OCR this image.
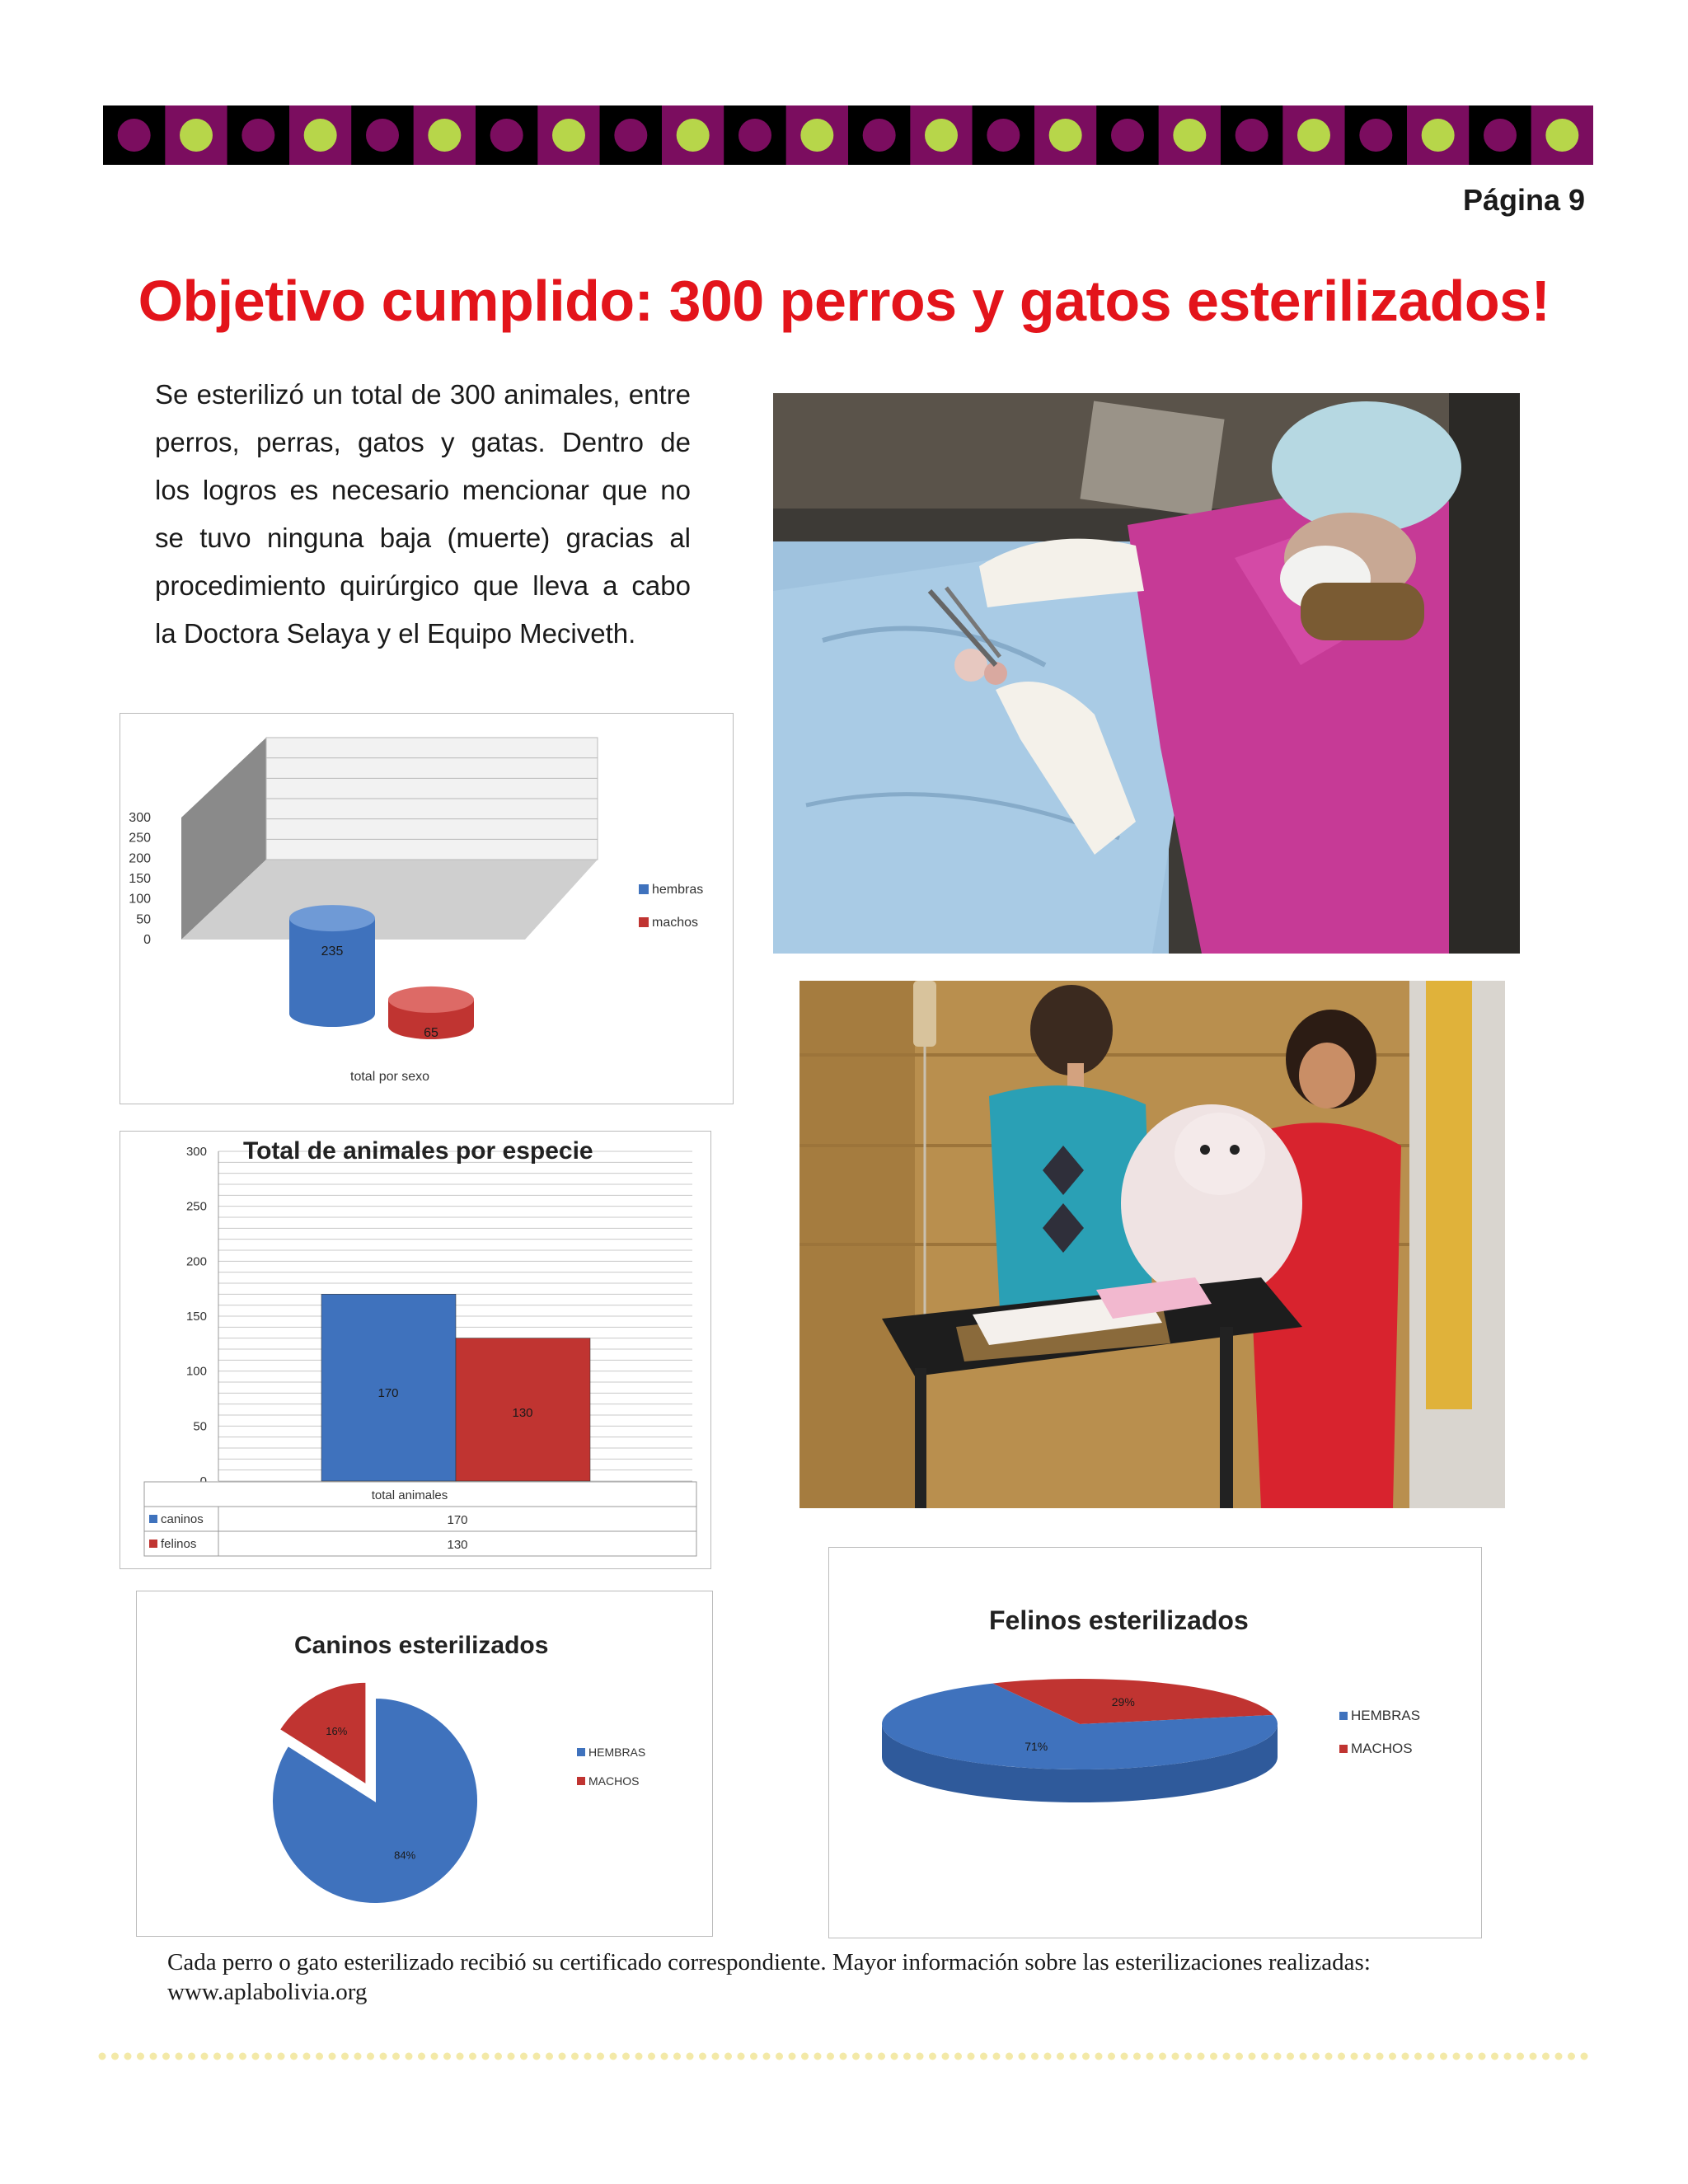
Página 9
Objetivo cumplido: 300 perros y gatos esterilizados!
Se esterilizó un total de 300 animales, entre
perros, perras, gatos y gatas. Dentro de
los logros es necesario mencionar que no
se tuvo ninguna baja (muerte) gracias al
procedimiento quirúrgico que lleva a cabo
la Doctora Selaya y el Equipo Meciveth.
235
65
0
50
100
150
200
250
300
total por sexo
hembras
machos
170
130
50
100
150
200
250
300 Total de animales por especie
total animales
caninos	170
felinos	130
Caninos esterilizados
84%
16%
HEMBRAS
MACHOS
Felinos esterilizados
29%
71%
HEMBRAS
MACHOS
Cada perro o gato esterilizado recibió su certificado correspondiente. Mayor información sobre las esterilizaciones realizadas: www.aplabolivia.org
